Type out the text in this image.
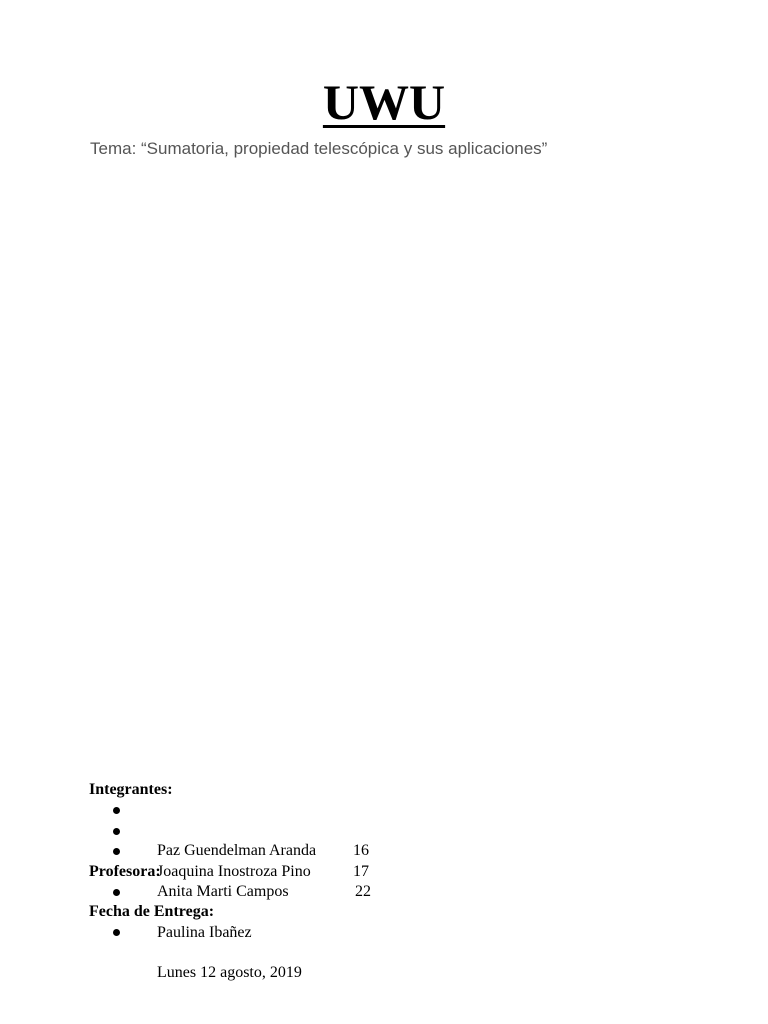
UWU

Tema: “Sumatoria, propiedad telescópica y sus aplicaciones”

Integrantes:

Paz Guendelman Aranda 16

Joaquina Inostroza Pino	17

Anita Marti Campos	22

Profesora:

Paulina Ibañez

Fecha de Entrega:

Lunes 12 agosto, 2019
